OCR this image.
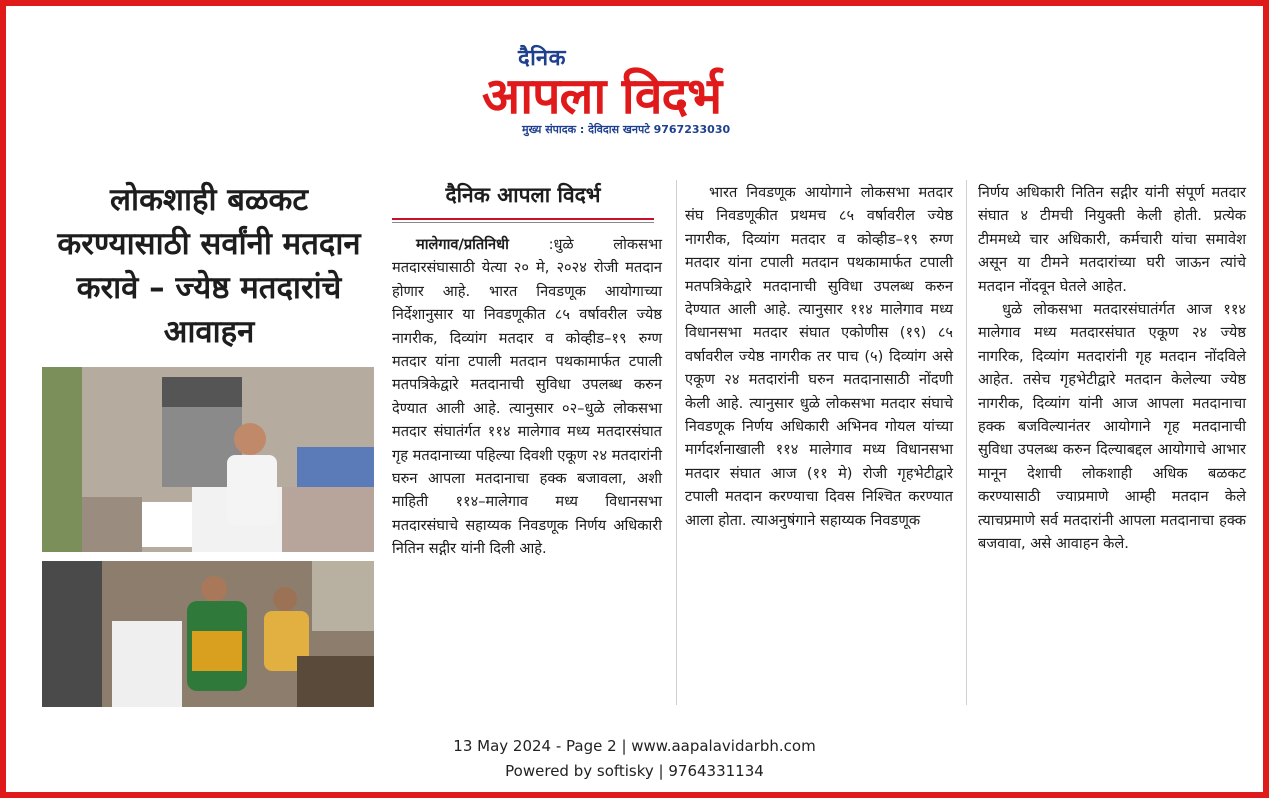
दैनिक
आपला विदर्भ
मुख्य संपादक : देविदास खनपटे 9767233030
लोकशाही बळकट करण्यासाठी सर्वांनी मतदान करावे – ज्येष्ठ मतदारांचे आवाहन
दैनिक आपला विदर्भ

मालेगाव/प्रतिनिधी	:धुळे लोकसभा मतदारसंघासाठी येत्या २० मे, २०२४ रोजी मतदान होणार आहे. भारत निवडणूक आयोगाच्या निर्देशानुसार या निवडणूकीत ८५ वर्षावरील ज्येष्ठ नागरीक, दिव्यांग मतदार व कोव्हीड–१९ रुग्ण मतदार यांना टपाली मतदान पथकामार्फत टपाली मतपत्रिकेद्वारे मतदानाची सुविधा उपलब्ध करुन देण्यात आली आहे. त्यानुसार ०२–धुळे लोकसभा मतदार संघातंर्गत ११४ मालेगाव मध्य मतदारसंघात गृह मतदानाच्या पहिल्या दिवशी एकूण २४ मतदारांनी घरुन आपला मतदानाचा हक्क बजावला, अशी माहिती ११४–मालेगाव मध्य विधानसभा मतदारसंघाचे सहाय्यक निवडणूक निर्णय अधिकारी नितिन सद्गीर यांनी दिली आहे.

भारत निवडणूक आयोगाने लोकसभा मतदार संघ निवडणूकीत प्रथमच ८५ वर्षावरील ज्येष्ठ नागरीक, दिव्यांग मतदार व कोव्हीड–१९ रुग्ण मतदार यांना टपाली मतदान पथकामार्फत टपाली मतपत्रिकेद्वारे मतदानाची सुविधा उपलब्ध करुन देण्यात आली आहे. त्यानुसार ११४ मालेगाव मध्य विधानसभा मतदार संघात एकोणीस (१९) ८५ वर्षावरील ज्येष्ठ नागरीक तर पाच (५) दिव्यांग असे एकूण २४ मतदारांनी घरुन मतदानासाठी नोंदणी केली आहे. त्यानुसार धुळे लोकसभा मतदार संघाचे निवडणूक निर्णय अधिकारी अभिनव गोयल यांच्या मार्गदर्शनाखाली ११४ मालेगाव मध्य विधानसभा मतदार संघात आज (११ मे) रोजी गृहभेटीद्वारे टपाली मतदान करण्याचा दिवस निश्चित करण्यात आला होता. त्याअनुषंगाने सहाय्यक निवडणूक

निर्णय अधिकारी नितिन सद्गीर यांनी संपूर्ण मतदार संघात ४ टीमची नियुक्ती केली होती. प्रत्येक टीममध्ये चार अधिकारी, कर्मचारी यांचा समावेश असून या टीमने मतदारांच्या घरी जाऊन त्यांचे मतदान नोंदवून घेतले आहेत.

धुळे लोकसभा मतदारसंघातंर्गत आज ११४ मालेगाव मध्य मतदारसंघात एकूण २४ ज्येष्ठ नागरिक, दिव्यांग मतदारांनी गृह मतदान नोंदविले आहेत. तसेच गृहभेटीद्वारे मतदान केलेल्या ज्येष्ठ नागरीक, दिव्यांग यांनी आज आपला मतदानाचा हक्क बजविल्यानंतर आयोगाने गृह मतदानाची सुविधा उपलब्ध करुन दिल्याबद्दल आयोगाचे आभार मानून देशाची लोकशाही अधिक बळकट करण्यासाठी ज्याप्रमाणे आम्ही मतदान केले त्याचप्रमाणे सर्व मतदारांनी आपला मतदानाचा हक्क बजवावा, असे आवाहन केले.

13 May 2024 - Page 2 | www.aapalavidarbh.com
Powered by softisky | 9764331134
